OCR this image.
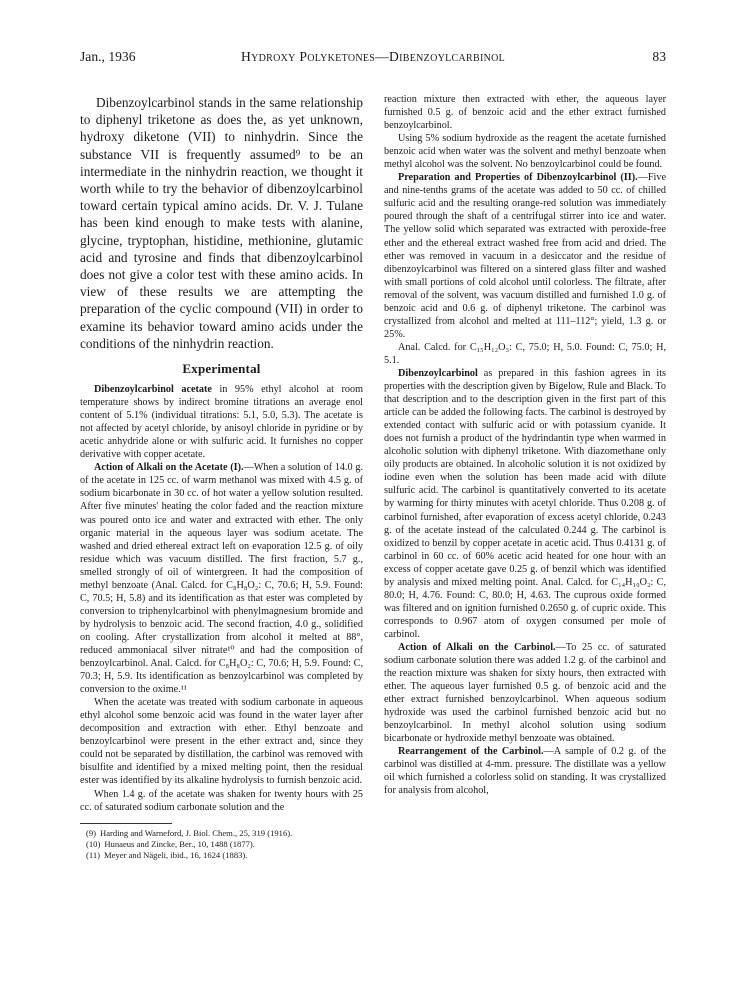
Jan., 1936	Hydroxy Polyketones—Dibenzoylcarbinol	83

Dibenzoylcarbinol stands in the same relationship to diphenyl triketone as does the, as yet unknown, hydroxy diketone (VII) to ninhydrin. Since the substance VII is frequently assumed⁹ to be an intermediate in the ninhydrin reaction, we thought it worth while to try the behavior of dibenzoylcarbinol toward certain typical amino acids. Dr. V. J. Tulane has been kind enough to make tests with alanine, glycine, tryptophan, histidine, methionine, glutamic acid and tyrosine and finds that dibenzoylcarbinol does not give a color test with these amino acids. In view of these results we are attempting the preparation of the cyclic compound (VII) in order to examine its behavior toward amino acids under the conditions of the ninhydrin reaction.

Experimental

Dibenzoylcarbinol acetate in 95% ethyl alcohol at room temperature shows by indirect bromine titrations an average enol content of 5.1% (individual titrations: 5.1, 5.0, 5.3). The acetate is not affected by acetyl chloride, by anisoyl chloride in pyridine or by acetic anhydride alone or with sulfuric acid. It furnishes no copper derivative with copper acetate.

Action of Alkali on the Acetate (I).—When a solution of 14.0 g. of the acetate in 125 cc. of warm methanol was mixed with 4.5 g. of sodium bicarbonate in 30 cc. of hot water a yellow solution resulted. After five minutes' heating the color faded and the reaction mixture was poured onto ice and water and extracted with ether. The only organic material in the aqueous layer was sodium acetate. The washed and dried ethereal extract left on evaporation 12.5 g. of oily residue which was vacuum distilled. The first fraction, 5.7 g., smelled strongly of oil of wintergreen. It had the composition of methyl benzoate (Anal. Calcd. for C₈H₈O₂: C, 70.6; H, 5.9. Found: C, 70.5; H, 5.8) and its identification as that ester was completed by conversion to triphenylcarbinol with phenylmagnesium bromide and by hydrolysis to benzoic acid. The second fraction, 4.0 g., solidified on cooling. After crystallization from alcohol it melted at 88°, reduced ammoniacal silver nitrate¹⁰ and had the composition of benzoylcarbinol. Anal. Calcd. for C₈H₈O₂: C, 70.6; H, 5.9. Found: C, 70.3; H, 5.9. Its identification as benzoylcarbinol was completed by conversion to the oxime.¹¹

When the acetate was treated with sodium carbonate in aqueous ethyl alcohol some benzoic acid was found in the water layer after decomposition and extraction with ether. Ethyl benzoate and benzoylcarbinol were present in the ether extract and, since they could not be separated by distillation, the carbinol was removed with bisulfite and identified by a mixed melting point, then the residual ester was identified by its alkaline hydrolysis to furnish benzoic acid.

When 1.4 g. of the acetate was shaken for twenty hours with 25 cc. of saturated sodium carbonate solution and the

(9) Harding and Warneford, J. Biol. Chem., 25, 319 (1916).

(10) Hunaeus and Zincke, Ber., 10, 1488 (1877).

(11) Meyer and Nägeli, ibid., 16, 1624 (1883).

reaction mixture then extracted with ether, the aqueous layer furnished 0.5 g. of benzoic acid and the ether extract furnished benzoylcarbinol.

Using 5% sodium hydroxide as the reagent the acetate furnished benzoic acid when water was the solvent and methyl benzoate when methyl alcohol was the solvent. No benzoylcarbinol could be found.

Preparation and Properties of Dibenzoylcarbinol (II).—Five and nine-tenths grams of the acetate was added to 50 cc. of chilled sulfuric acid and the resulting orange-red solution was immediately poured through the shaft of a centrifugal stirrer into ice and water. The yellow solid which separated was extracted with peroxide-free ether and the ethereal extract washed free from acid and dried. The ether was removed in vacuum in a desiccator and the residue of dibenzoylcarbinol was filtered on a sintered glass filter and washed with small portions of cold alcohol until colorless. The filtrate, after removal of the solvent, was vacuum distilled and furnished 1.0 g. of benzoic acid and 0.6 g. of diphenyl triketone. The carbinol was crystallized from alcohol and melted at 111–112°; yield, 1.3 g. or 25%.

Anal. Calcd. for C₁₅H₁₂O₃: C, 75.0; H, 5.0. Found: C, 75.0; H, 5.1.

Dibenzoylcarbinol as prepared in this fashion agrees in its properties with the description given by Bigelow, Rule and Black. To that description and to the description given in the first part of this article can be added the following facts. The carbinol is destroyed by extended contact with sulfuric acid or with potassium cyanide. It does not furnish a product of the hydrindantin type when warmed in alcoholic solution with diphenyl triketone. With diazomethane only oily products are obtained. In alcoholic solution it is not oxidized by iodine even when the solution has been made acid with dilute sulfuric acid. The carbinol is quantitatively converted to its acetate by warming for thirty minutes with acetyl chloride. Thus 0.208 g. of carbinol furnished, after evaporation of excess acetyl chloride, 0.243 g. of the acetate instead of the calculated 0.244 g. The carbinol is oxidized to benzil by copper acetate in acetic acid. Thus 0.4131 g. of carbinol in 60 cc. of 60% acetic acid heated for one hour with an excess of copper acetate gave 0.25 g. of benzil which was identified by analysis and mixed melting point. Anal. Calcd. for C₁₄H₁₀O₂: C, 80.0; H, 4.76. Found: C, 80.0; H, 4.63. The cuprous oxide formed was filtered and on ignition furnished 0.2650 g. of cupric oxide. This corresponds to 0.967 atom of oxygen consumed per mole of carbinol.

Action of Alkali on the Carbinol.—To 25 cc. of saturated sodium carbonate solution there was added 1.2 g. of the carbinol and the reaction mixture was shaken for sixty hours, then extracted with ether. The aqueous layer furnished 0.5 g. of benzoic acid and the ether extract furnished benzoylcarbinol. When aqueous sodium hydroxide was used the carbinol furnished benzoic acid but no benzoylcarbinol. In methyl alcohol solution using sodium bicarbonate or hydroxide methyl benzoate was obtained.

Rearrangement of the Carbinol.—A sample of 0.2 g. of the carbinol was distilled at 4-mm. pressure. The distillate was a yellow oil which furnished a colorless solid on standing. It was crystallized for analysis from alcohol,
